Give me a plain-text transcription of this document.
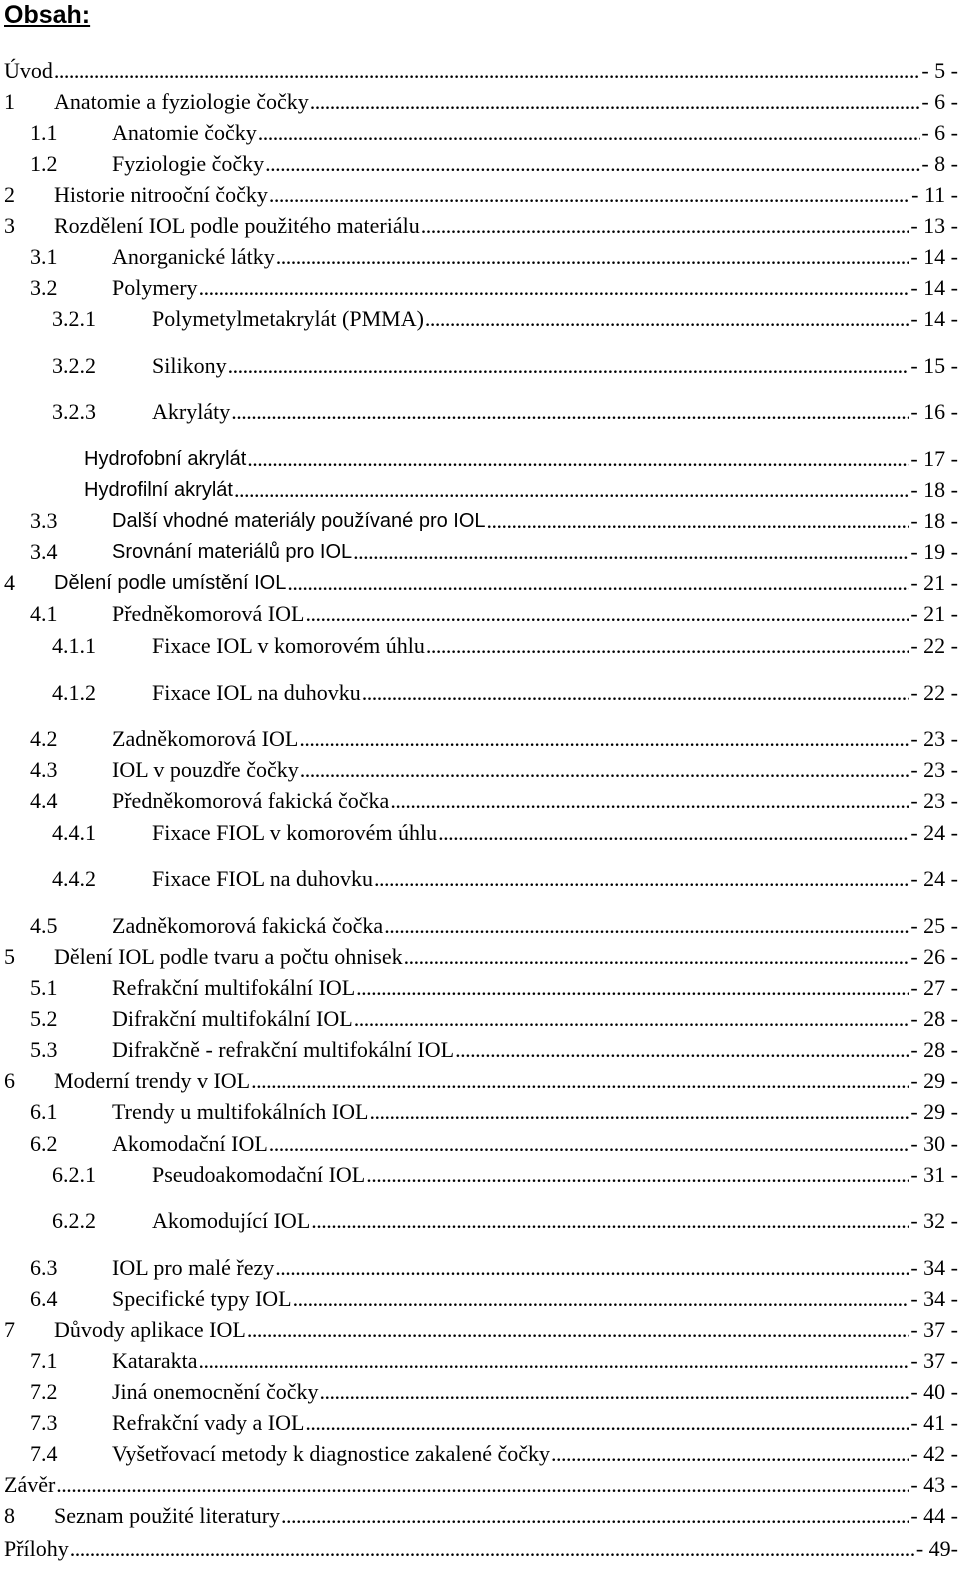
Obsah:
Úvod . . .	- 5 -
1 Anatomie a fyziologie čočky . . .	- 6 -
1.1 Anatomie čočky . . .	- 6 -
1.2 Fyziologie čočky . . .	- 8 -
2 Historie nitrooční čočky . . .	- 11 -
3 Rozdělení IOL podle použitého materiálu . . .	- 13 -
3.1 Anorganické látky . . .	- 14 -
3.2 Polymery . . .	- 14 -
3.2.1	Polymetylmetakrylát (PMMA) . . .	- 14 -
3.2.2	Silikony . . .	- 15 -
3.2.3	Akryláty . . .	- 16 -
Hydrofobní akrylát . . .	- 17 -
Hydrofilní akrylát . . .	- 18 -
3.3	Další vhodné materiály používané pro IOL . . .	- 18 -
3.4	Srovnání materiálů pro IOL . . .	- 19 -
4 Dělení podle umístění IOL . . .	- 21 -
4.1 Předněkomorová IOL . . .	- 21 -
4.1.1	Fixace IOL v komorovém úhlu . . .	- 22 -
4.1.2	Fixace IOL na duhovku . . .	- 22 -
4.2 Zadněkomorová IOL . . .	- 23 -
4.3 IOL v pouzdře čočky . . .	- 23 -
4.4 Předněkomorová fakická čočka . . .	- 23 -
4.4.1	Fixace FIOL v komorovém úhlu . . .	- 24 -
4.4.2	Fixace FIOL na duhovku . . .	- 24 -
4.5 Zadněkomorová fakická čočka . . .	- 25 -
5 Dělení IOL podle tvaru a počtu ohnisek . . .	- 26 -
5.1 Refrakční multifokální IOL . . .	- 27 -
5.2 Difrakční multifokální IOL . . .	- 28 -
5.3 Difrakčně - refrakční multifokální IOL . . .	- 28 -
6 Moderní trendy v IOL . . .	- 29 -
6.1 Trendy u multifokálních IOL . . .	- 29 -
6.2 Akomodační IOL . . .	- 30 -
6.2.1	Pseudoakomodační IOL . . .	- 31 -
6.2.2	Akomodující IOL . . .	- 32 -
6.3 IOL pro malé řezy . . .	- 34 -
6.4 Specifické typy IOL . . .	- 34 -
7 Důvody aplikace IOL . . .	- 37 -
7.1 Katarakta . . .	- 37 -
7.2 Jiná onemocnění čočky . . .	- 40 -
7.3 Refrakční vady a IOL . . .	- 41 -
7.4 Vyšetřovací metody k diagnostice zakalené čočky . . .	- 42 -
Závěr . . .	- 43 -
8 Seznam použité literatury . . .	- 44 -
Přílohy . . .	- 49-
